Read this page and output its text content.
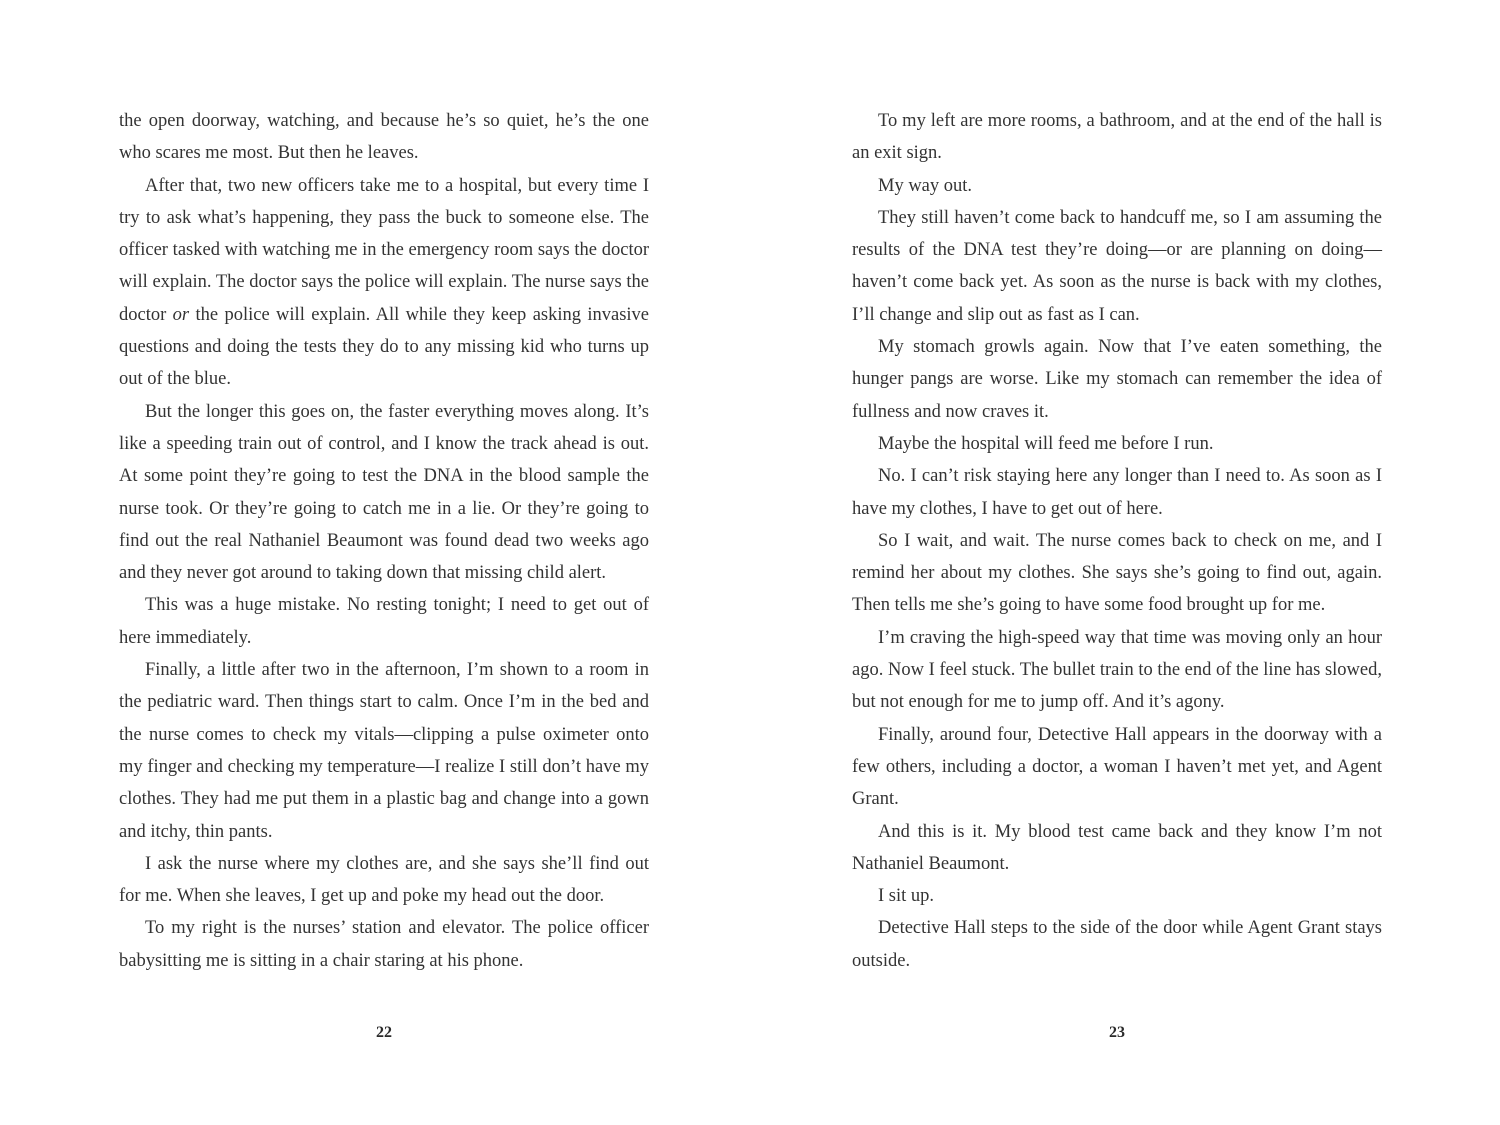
the open doorway, watching, and because he’s so quiet, he’s the one who scares me most. But then he leaves.

After that, two new officers take me to a hospital, but every time I try to ask what’s happening, they pass the buck to someone else. The officer tasked with watching me in the emergency room says the doctor will explain. The doctor says the police will explain. The nurse says the doctor or the police will explain. All while they keep asking invasive questions and doing the tests they do to any missing kid who turns up out of the blue.

But the longer this goes on, the faster everything moves along. It’s like a speeding train out of control, and I know the track ahead is out. At some point they’re going to test the DNA in the blood sample the nurse took. Or they’re going to catch me in a lie. Or they’re going to find out the real Nathaniel Beaumont was found dead two weeks ago and they never got around to taking down that missing child alert.

This was a huge mistake. No resting tonight; I need to get out of here immediately.

Finally, a little after two in the afternoon, I’m shown to a room in the pediatric ward. Then things start to calm. Once I’m in the bed and the nurse comes to check my vitals—clipping a pulse oximeter onto my finger and checking my temperature—I realize I still don’t have my clothes. They had me put them in a plastic bag and change into a gown and itchy, thin pants.

I ask the nurse where my clothes are, and she says she’ll find out for me. When she leaves, I get up and poke my head out the door.

To my right is the nurses’ station and elevator. The police officer babysitting me is sitting in a chair staring at his phone.

22

To my left are more rooms, a bathroom, and at the end of the hall is an exit sign.

My way out.

They still haven’t come back to handcuff me, so I am assuming the results of the DNA test they’re doing—or are planning on doing—haven’t come back yet. As soon as the nurse is back with my clothes, I’ll change and slip out as fast as I can.

My stomach growls again. Now that I’ve eaten something, the hunger pangs are worse. Like my stomach can remember the idea of fullness and now craves it.

Maybe the hospital will feed me before I run.

No. I can’t risk staying here any longer than I need to. As soon as I have my clothes, I have to get out of here.

So I wait, and wait. The nurse comes back to check on me, and I remind her about my clothes. She says she’s going to find out, again. Then tells me she’s going to have some food brought up for me.

I’m craving the high-speed way that time was moving only an hour ago. Now I feel stuck. The bullet train to the end of the line has slowed, but not enough for me to jump off. And it’s agony.

Finally, around four, Detective Hall appears in the doorway with a few others, including a doctor, a woman I haven’t met yet, and Agent Grant.

And this is it. My blood test came back and they know I’m not Nathaniel Beaumont.

I sit up.

Detective Hall steps to the side of the door while Agent Grant stays outside.

23
